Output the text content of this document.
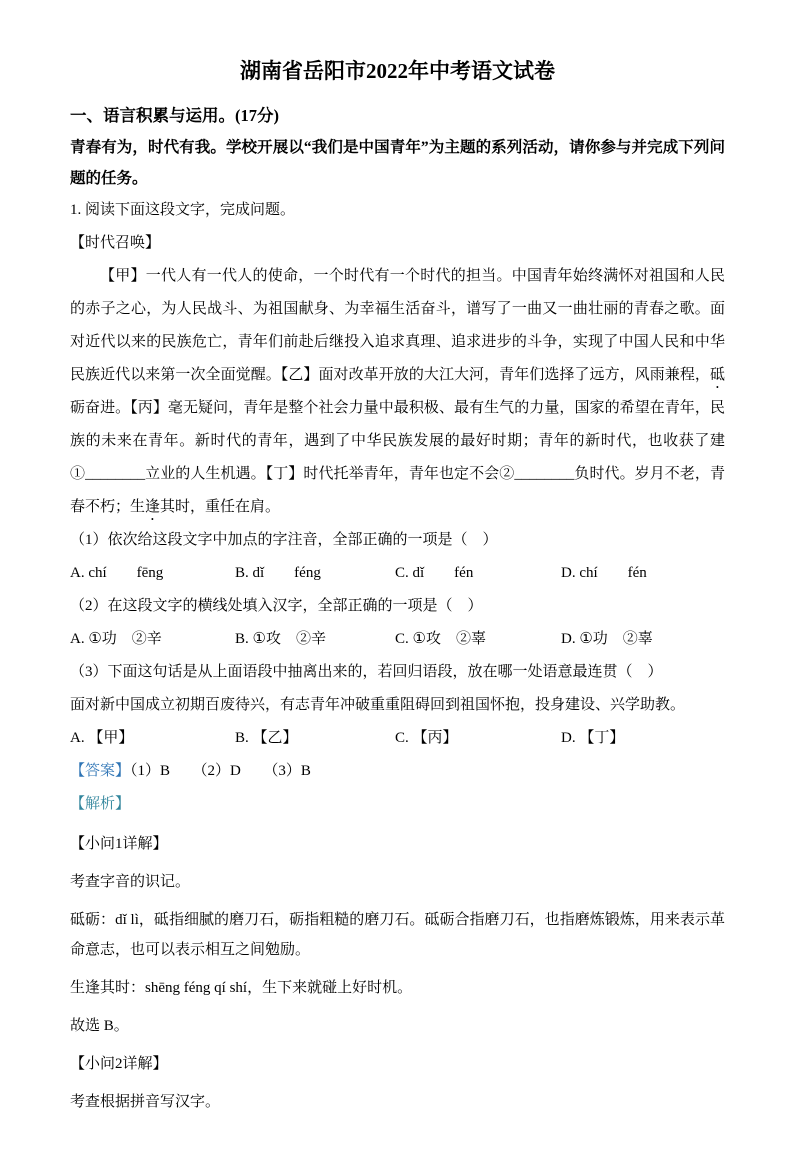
湖南省岳阳市2022年中考语文试卷
一、语言积累与运用。(17分)

青春有为，时代有我。学校开展以“我们是中国青年”为主题的系列活动，请你参与并完成下列问题的任务。

1. 阅读下面这段文字，完成问题。

【时代召唤】

【甲】一代人有一代人的使命，一个时代有一个时代的担当。中国青年始终满怀对祖国和人民的赤子之心，为人民战斗、为祖国献身、为幸福生活奋斗，谱写了一曲又一曲壮丽的青春之歌。面对近代以来的民族危亡，青年们前赴后继投入追求真理、追求进步的斗争，实现了中国人民和中华民族近代以来第一次全面觉醒。【乙】面对改革开放的大江大河，青年们选择了远方，风雨兼程，砥砺奋进。【丙】毫无疑问，青年是整个社会力量中最积极、最有生气的力量，国家的希望在青年，民族的未来在青年。新时代的青年，遇到了中华民族发展的最好时期；青年的新时代，也收获了建①________立业的人生机遇。【丁】时代托举青年，青年也定不会②________负时代。岁月不老，青春不朽；生逢其时，重任在肩。

（1）依次给这段文字中加点的字注音，全部正确的一项是（　）

A. chí　　fēng	B. dǐ　　féng	C. dǐ　　fén	D. chí　　fén

（2）在这段文字的横线处填入汉字，全部正确的一项是（　）

A. ①功　②辛	B. ①攻　②辛	C. ①攻　②辜	D. ①功　②辜

（3）下面这句话是从上面语段中抽离出来的，若回归语段，放在哪一处语意最连贯（　）

面对新中国成立初期百废待兴，有志青年冲破重重阻碍回到祖国怀抱，投身建设、兴学助教。

A. 【甲】	B. 【乙】	C. 【丙】	D. 【丁】

【答案】（1）B　　（2）D　　（3）B

【解析】

【小问1详解】

考查字音的识记。

砥砺：dǐ lì，砥指细腻的磨刀石，砺指粗糙的磨刀石。砥砺合指磨刀石，也指磨炼锻炼，用来表示革命意志，也可以表示相互之间勉励。

生逢其时：shēng féng qí shí，生下来就碰上好时机。

故选 B。

【小问2详解】

考查根据拼音写汉字。
